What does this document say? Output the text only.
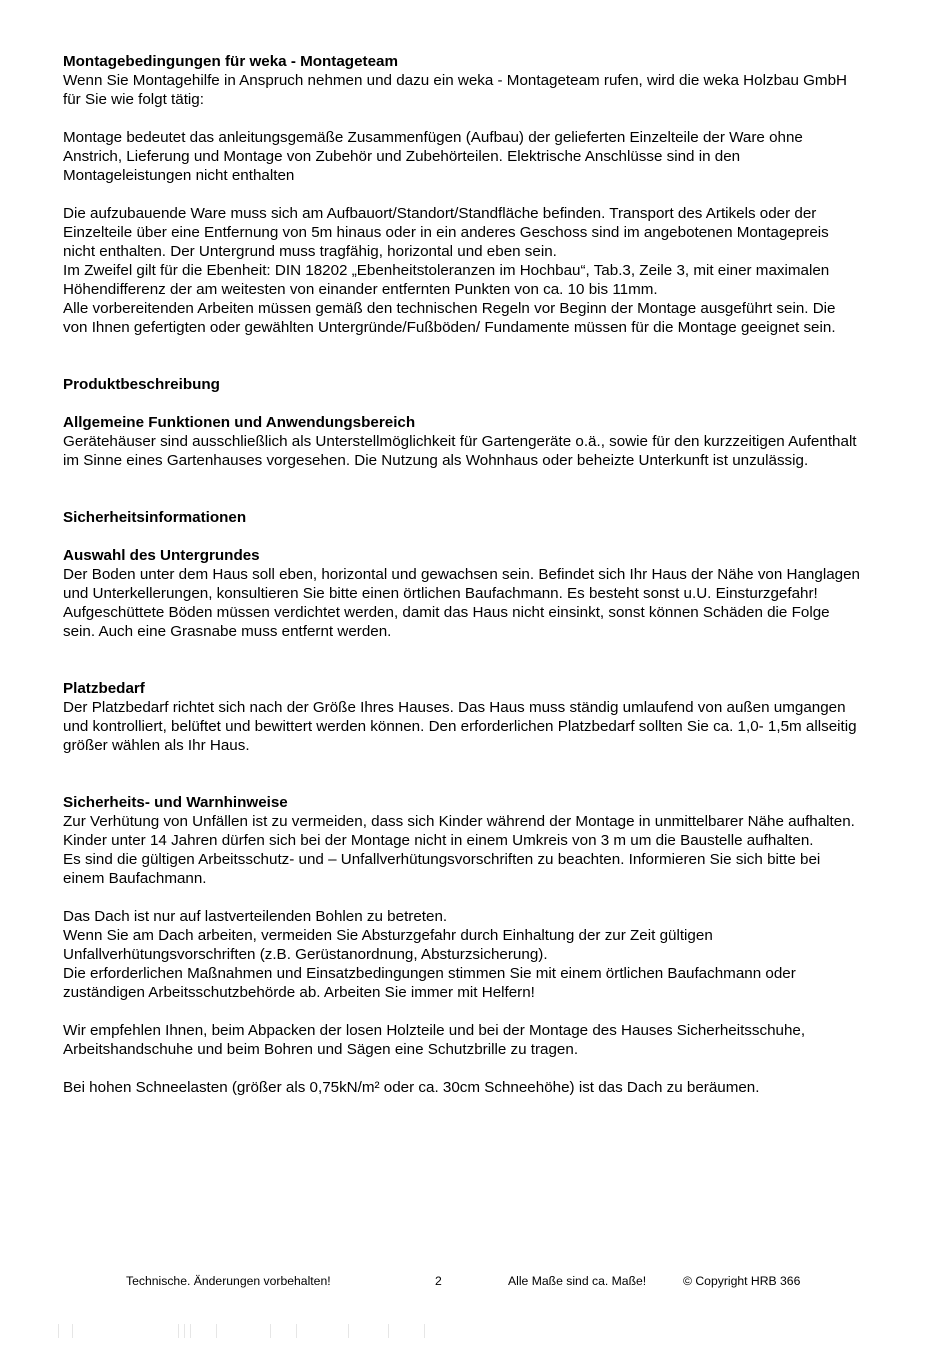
Montagebedingungen für weka - Montageteam

Wenn Sie Montagehilfe in Anspruch nehmen und dazu ein weka - Montageteam rufen, wird die weka Holzbau GmbH für Sie wie folgt tätig:

Montage bedeutet das anleitungsgemäße Zusammenfügen (Aufbau) der gelieferten Einzelteile der Ware ohne Anstrich, Lieferung und Montage von Zubehör und Zubehörteilen. Elektrische Anschlüsse sind in den Montageleistungen nicht enthalten

Die aufzubauende Ware muss sich am Aufbauort/Standort/Standfläche befinden. Transport des Artikels oder der Einzelteile über eine Entfernung von 5m hinaus oder in ein anderes Geschoss sind im angebotenen Montagepreis nicht enthalten. Der Untergrund muss tragfähig, horizontal und eben sein.

Im Zweifel gilt für die Ebenheit: DIN 18202 „Ebenheitstoleranzen im Hochbau“, Tab.3, Zeile 3, mit einer maximalen Höhendifferenz der am weitesten von einander entfernten Punkten von ca. 10 bis 11mm.

Alle vorbereitenden Arbeiten müssen gemäß den technischen Regeln vor Beginn der Montage ausgeführt sein. Die von Ihnen gefertigten oder gewählten Untergründe/Fußböden/ Fundamente müssen für die Montage geeignet sein.

Produktbeschreibung

Allgemeine Funktionen und Anwendungsbereich

Gerätehäuser sind ausschließlich als Unterstellmöglichkeit für Gartengeräte o.ä., sowie für den kurzzeitigen Aufenthalt im Sinne eines Gartenhauses vorgesehen. Die Nutzung als Wohnhaus oder beheizte Unterkunft ist unzulässig.

Sicherheitsinformationen

Auswahl des Untergrundes

Der Boden unter dem Haus soll eben, horizontal und gewachsen sein. Befindet sich Ihr Haus der Nähe von Hanglagen und Unterkellerungen, konsultieren Sie bitte einen örtlichen Baufachmann. Es besteht sonst u.U. Einsturzgefahr!

Aufgeschüttete Böden müssen verdichtet werden, damit das Haus nicht einsinkt, sonst können Schäden die Folge sein. Auch eine Grasnabe muss entfernt werden.

Platzbedarf

Der Platzbedarf richtet sich nach der Größe Ihres Hauses. Das Haus muss ständig umlaufend von außen umgangen und kontrolliert, belüftet und bewittert werden können. Den erforderlichen Platzbedarf sollten Sie ca. 1,0- 1,5m allseitig größer wählen als Ihr Haus.

Sicherheits- und Warnhinweise

Zur Verhütung von Unfällen ist zu vermeiden, dass sich Kinder während der Montage in unmittelbarer Nähe aufhalten.

Kinder unter 14 Jahren dürfen sich bei der Montage nicht in einem Umkreis von 3 m um die Baustelle aufhalten.

Es sind die gültigen Arbeitsschutz- und – Unfallverhütungsvorschriften zu beachten. Informieren Sie sich bitte bei einem Baufachmann.

Das Dach ist nur auf lastverteilenden Bohlen zu betreten.

Wenn Sie am Dach arbeiten, vermeiden Sie Absturzgefahr durch Einhaltung der zur Zeit gültigen Unfallverhütungsvorschriften (z.B. Gerüstanordnung, Absturzsicherung).

Die erforderlichen Maßnahmen und Einsatzbedingungen stimmen Sie mit einem örtlichen Baufachmann oder zuständigen Arbeitsschutzbehörde ab. Arbeiten Sie immer mit Helfern!

Wir empfehlen Ihnen, beim Abpacken der losen Holzteile und bei der Montage des Hauses Sicherheitsschuhe, Arbeitshandschuhe und beim Bohren und Sägen eine Schutzbrille zu tragen.

Bei hohen Schneelasten (größer als 0,75kN/m² oder ca. 30cm Schneehöhe) ist das Dach zu beräumen.

Technische. Änderungen vorbehalten!	2	Alle Maße sind ca. Maße!	© Copyright HRB 366
